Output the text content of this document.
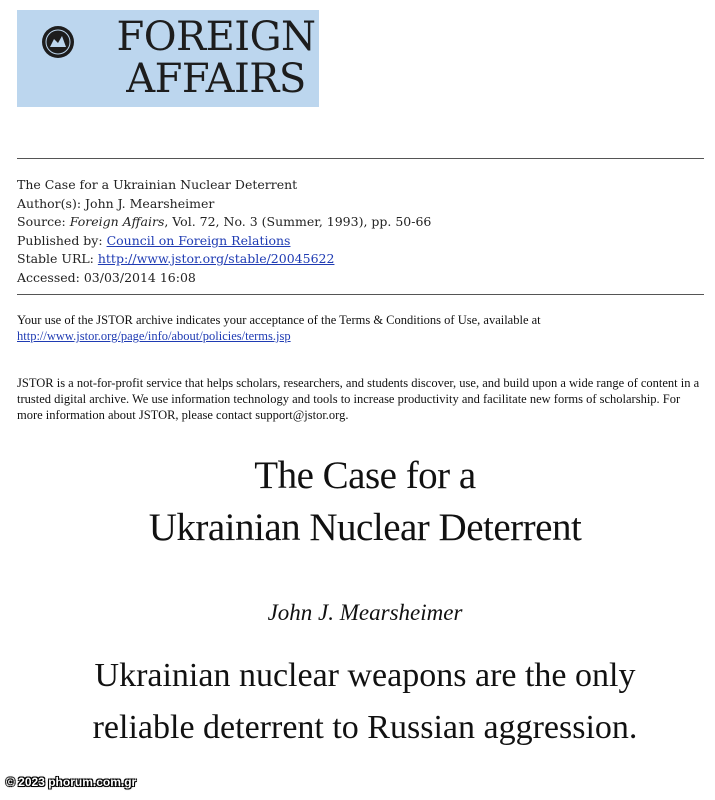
FOREIGN
AFFAIRS
The Case for a Ukrainian Nuclear Deterrent
Author(s): John J. Mearsheimer
Source: Foreign Affairs, Vol. 72, No. 3 (Summer, 1993), pp. 50-66
Published by: Council on Foreign Relations
Stable URL: http://www.jstor.org/stable/20045622
Accessed: 03/03/2014 16:08
Your use of the JSTOR archive indicates your acceptance of the Terms & Conditions of Use, available at
http://www.jstor.org/page/info/about/policies/terms.jsp
JSTOR is a not-for-profit service that helps scholars, researchers, and students discover, use, and build upon a wide range of content in a trusted digital archive. We use information technology and tools to increase productivity and facilitate new forms of scholarship. For more information about JSTOR, please contact support@jstor.org.
The Case for a
Ukrainian Nuclear Deterrent
John J. Mearsheimer
Ukrainian nuclear weapons are the only
reliable deterrent to Russian aggression.
© 2023 phorum.com.gr
